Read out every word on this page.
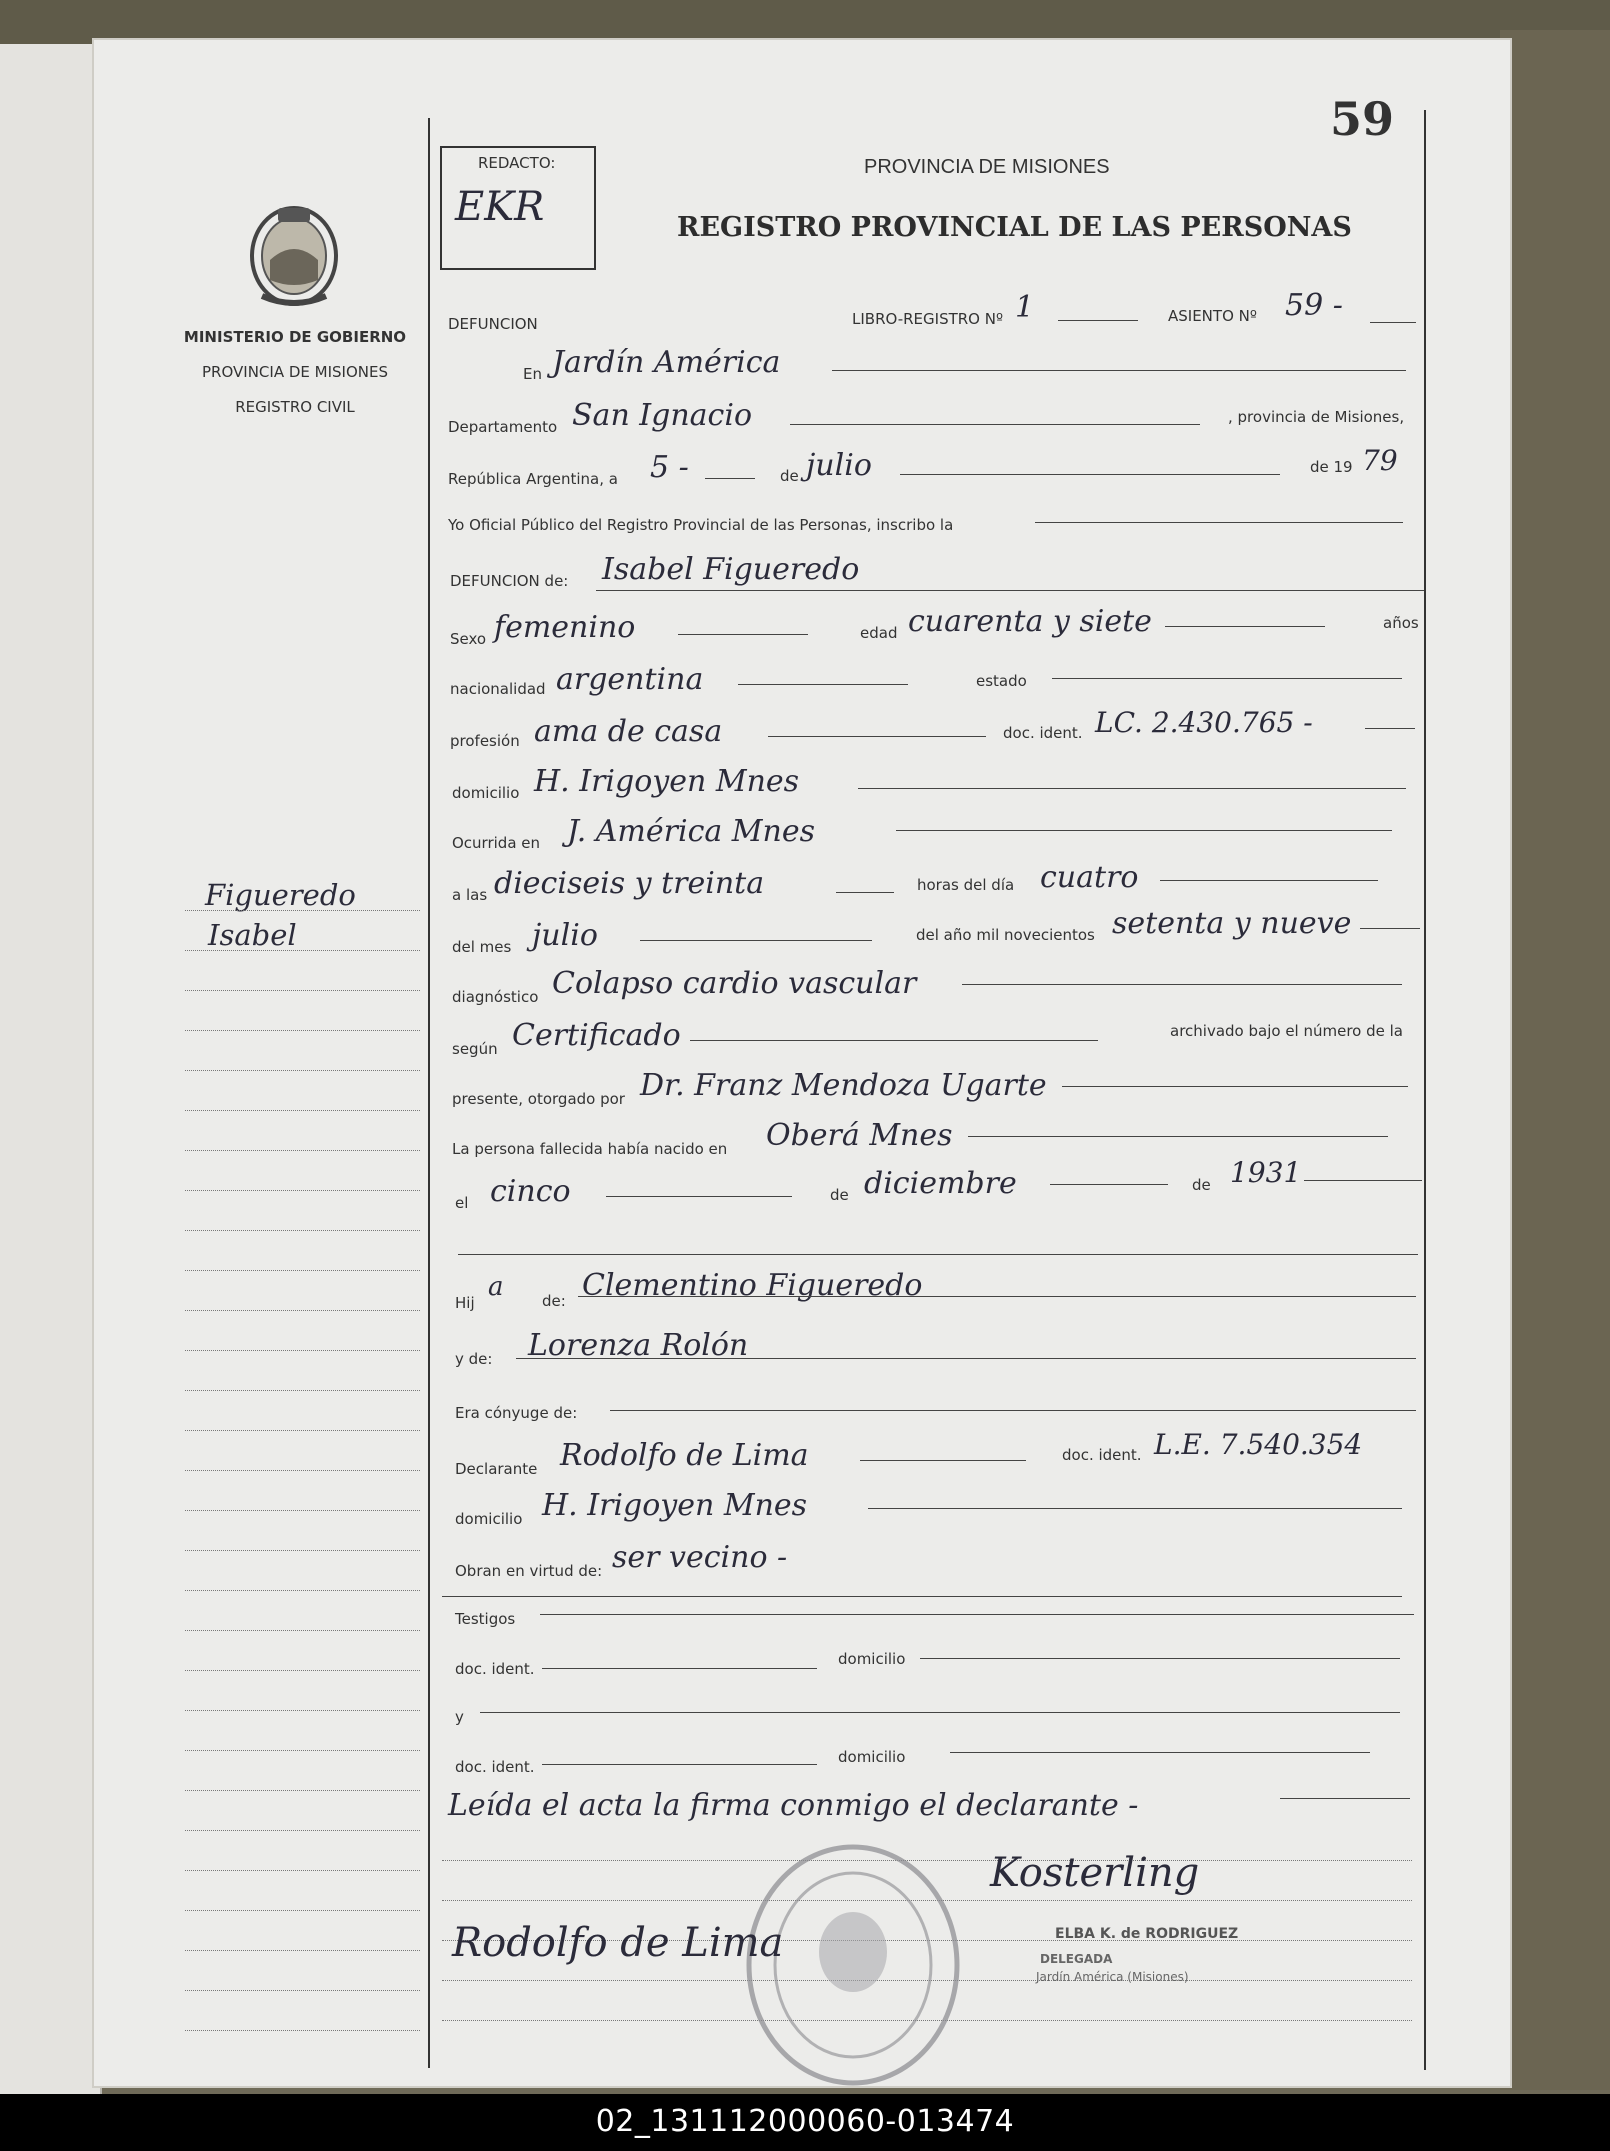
59
MINISTERIO DE GOBIERNO
PROVINCIA DE MISIONES
REGISTRO CIVIL
Figueredo
Isabel
REDACTO:
EKR
PROVINCIA DE MISIONES
REGISTRO PROVINCIAL DE LAS PERSONAS
DEFUNCION	LIBRO-REGISTRO Nº 1	ASIENTO Nº 59 -
En Jardín América
Departamento San Ignacio	, provincia de Misiones,
República Argentina, a 5 -	de julio	de 19 79
Yo Oficial Público del Registro Provincial de las Personas, inscribo la
DEFUNCION de: Isabel Figueredo
Sexo femenino	edad cuarenta y siete	años
nacionalidad argentina	estado
profesión ama de casa	doc. ident. LC. 2.430.765 -
domicilio H. Irigoyen Mnes
Ocurrida en J. América Mnes
a las dieciseis y treinta	horas del día cuatro
del mes julio	del año mil novecientos setenta y nueve
diagnóstico Colapso cardio vascular
según Certificado	archivado bajo el número de la
presente, otorgado por Dr. Franz Mendoza Ugarte
La persona fallecida había nacido en Oberá Mnes
el cinco	de diciembre	de 1931
Hij
a	de: Clementino Figueredo
y de: Lorenza Rolón
Era cónyuge de:
Declarante Rodolfo de Lima	doc. ident. L.E. 7.540.354
domicilio H. Irigoyen Mnes
Obran en virtud de: ser vecino -
Testigos
doc. ident.
domicilio
y
doc. ident.
domicilio
Leída el acta la firma conmigo el declarante -
Rodolfo de Lima
Kosterling
ELBA K. de RODRIGUEZ
DELEGADA
Jardín América (Misiones)
02_131112000060-013474
